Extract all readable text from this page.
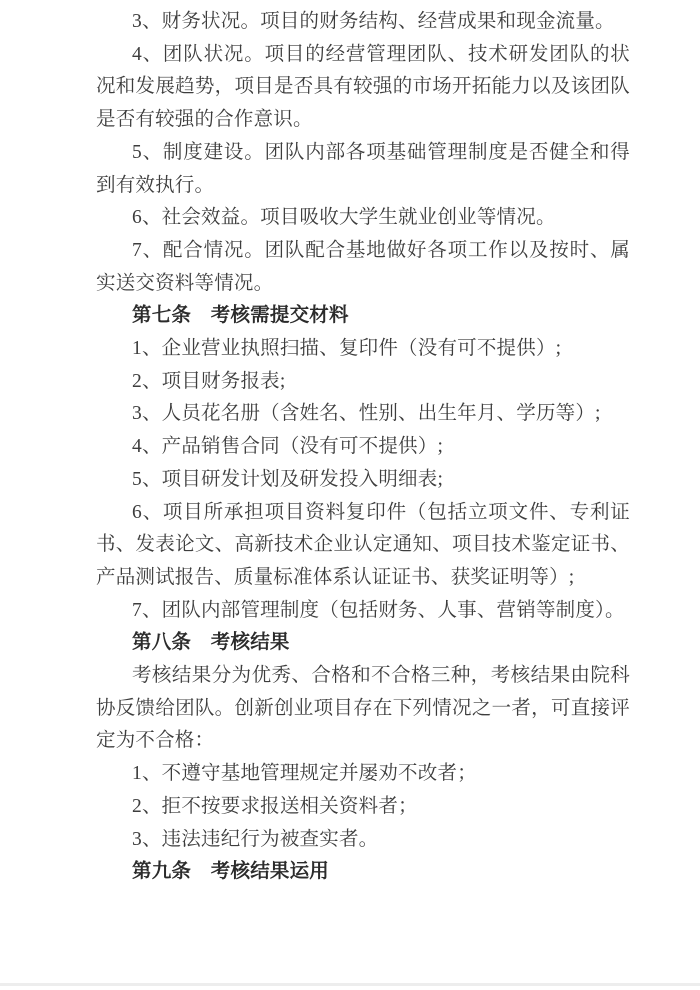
3、财务状况。项目的财务结构、经营成果和现金流量。

4、团队状况。项目的经营管理团队、技术研发团队的状况和发展趋势，项目是否具有较强的市场开拓能力以及该团队是否有较强的合作意识。

5、制度建设。团队内部各项基础管理制度是否健全和得到有效执行。

6、社会效益。项目吸收大学生就业创业等情况。

7、配合情况。团队配合基地做好各项工作以及按时、属实送交资料等情况。

第七条　考核需提交材料

1、企业营业执照扫描、复印件（没有可不提供）;

2、项目财务报表;

3、人员花名册（含姓名、性别、出生年月、学历等）;

4、产品销售合同（没有可不提供）;

5、项目研发计划及研发投入明细表;

6、项目所承担项目资料复印件（包括立项文件、专利证书、发表论文、高新技术企业认定通知、项目技术鉴定证书、产品测试报告、质量标准体系认证证书、获奖证明等）;

7、团队内部管理制度（包括财务、人事、营销等制度）。

第八条　考核结果

考核结果分为优秀、合格和不合格三种，考核结果由院科协反馈给团队。创新创业项目存在下列情况之一者，可直接评定为不合格：

1、不遵守基地管理规定并屡劝不改者；

2、拒不按要求报送相关资料者；

3、违法违纪行为被查实者。

第九条　考核结果运用
